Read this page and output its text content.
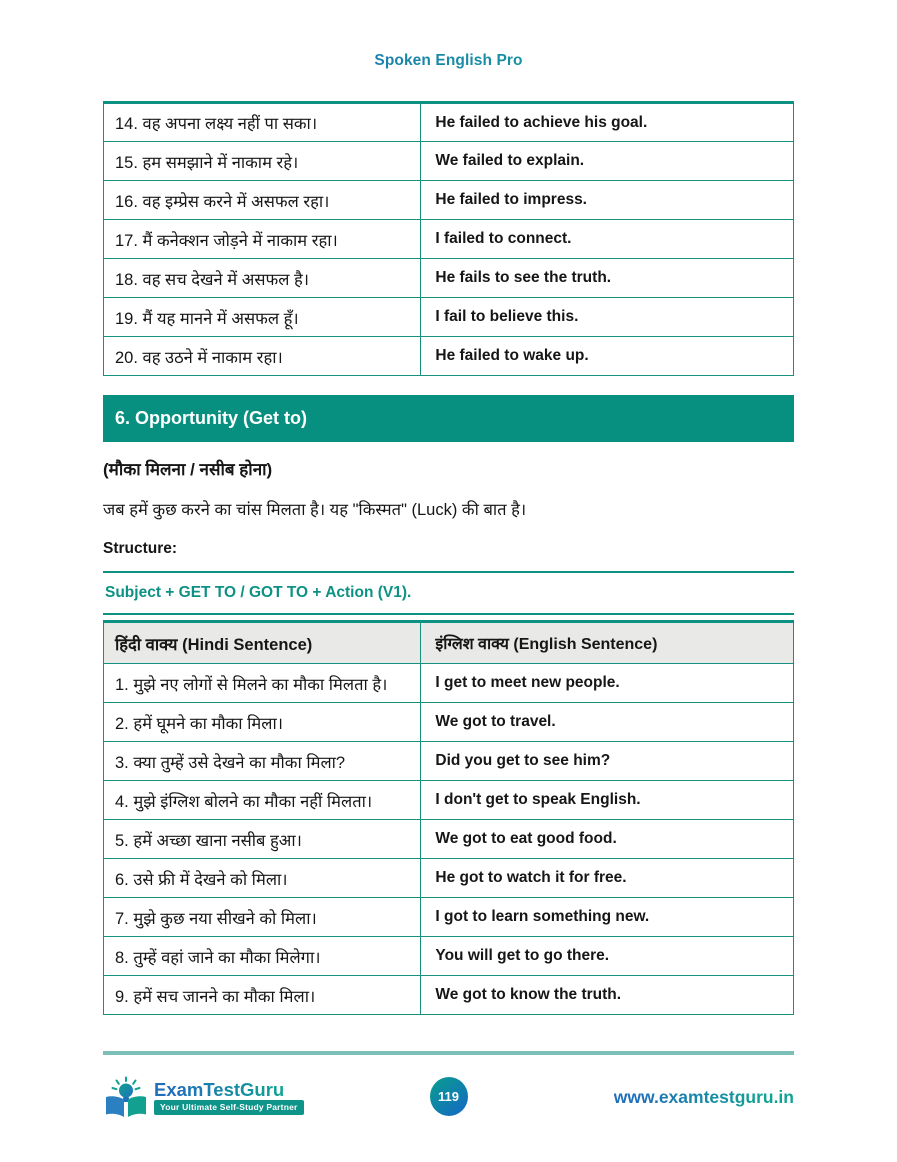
Spoken English Pro
14. वह अपना लक्ष्य नहीं पा सका।	He failed to achieve his goal.
15. हम समझाने में नाकाम रहे।	We failed to explain.
16. वह इम्प्रेस करने में असफल रहा।	He failed to impress.
17. मैं कनेक्शन जोड़ने में नाकाम रहा।	I failed to connect.
18. वह सच देखने में असफल है।	He fails to see the truth.
19. मैं यह मानने में असफल हूँ।	I fail to believe this.
20. वह उठने में नाकाम रहा।	He failed to wake up.
6. Opportunity (Get to)
(मौका मिलना / नसीब होना)
जब हमें कुछ करने का चांस मिलता है। यह "किस्मत" (Luck) की बात है।
Structure:
Subject + GET TO / GOT TO + Action (V1).
हिंदी वाक्य (Hindi Sentence)	इंग्लिश वाक्य (English Sentence)
1. मुझे नए लोगों से मिलने का मौका मिलता है।	I get to meet new people.
2. हमें घूमने का मौका मिला।	We got to travel.
3. क्या तुम्हें उसे देखने का मौका मिला?	Did you get to see him?
4. मुझे इंग्लिश बोलने का मौका नहीं मिलता।	I don't get to speak English.
5. हमें अच्छा खाना नसीब हुआ।	We got to eat good food.
6. उसे फ्री में देखने को मिला।	He got to watch it for free.
7. मुझे कुछ नया सीखने को मिला।	I got to learn something new.
8. तुम्हें वहां जाने का मौका मिलेगा।	You will get to go there.
9. हमें सच जानने का मौका मिला।	We got to know the truth.
ExamTestGuru
Your Ultimate Self-Study Partner
119	www.examtestguru.in
